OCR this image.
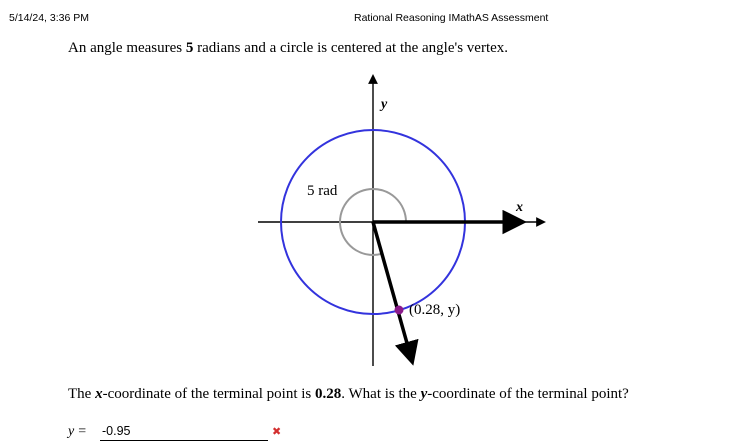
5/14/24, 3:36 PM	Rational Reasoning IMathAS Assessment
An angle measures 5 radians and a circle is centered at the angle's vertex.
y
x
5 rad
(0.28, y)
The x-coordinate of the terminal point is 0.28. What is the y-coordinate of the terminal point?
y = -0.95	✖
